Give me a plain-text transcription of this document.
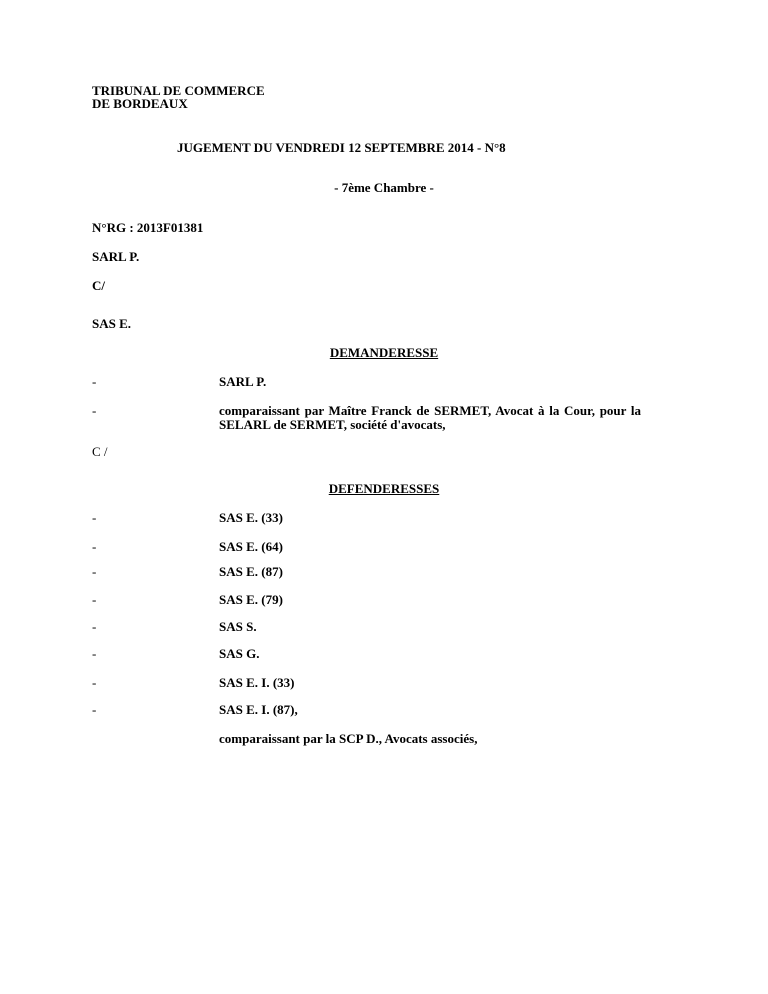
TRIBUNAL DE COMMERCE
DE BORDEAUX
JUGEMENT DU VENDREDI 12 SEPTEMBRE 2014 - N°8
- 7ème Chambre -
N°RG : 2013F01381
SARL P.
C/
SAS E.
DEMANDERESSE
-	SARL P.
-	comparaissant par Maître Franck de SERMET, Avocat à la Cour, pour la SELARL de SERMET, société d'avocats,
C /
DEFENDERESSES
-	SAS E. (33)
-	SAS E. (64)
-	SAS E. (87)
-	SAS E. (79)
-	SAS S.
-	SAS G.
-	SAS E. I. (33)
-	SAS E. I. (87),
comparaissant par la SCP D., Avocats associés,
